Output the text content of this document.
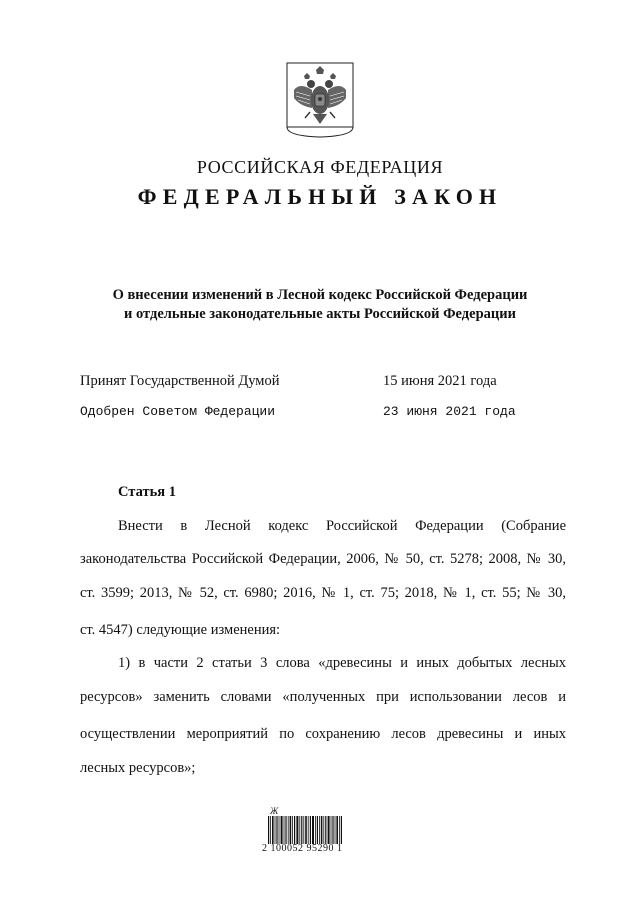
РОССИЙСКАЯ ФЕДЕРАЦИЯ
ФЕДЕРАЛЬНЫЙ ЗАКОН
О внесении изменений в Лесной кодекс Российской Федерации
и отдельные законодательные акты Российской Федерации
Принят Государственной Думой	15 июня 2021 года
Одобрен Советом Федерации	23 июня 2021 года
Статья 1
Внести в Лесной кодекс Российской Федерации (Собрание
законодательства Российской Федерации, 2006, № 50, ст. 5278; 2008, № 30,
ст. 3599; 2013, № 52, ст. 6980; 2016, № 1, ст. 75; 2018, № 1, ст. 55; № 30,
ст. 4547) следующие изменения:
1) в части 2 статьи 3 слова «древесины и иных добытых лесных
ресурсов» заменить словами «полученных при использовании лесов и
осуществлении мероприятий по сохранению лесов древесины и иных
лесных ресурсов»;
Ж
2 100052 95290 1
